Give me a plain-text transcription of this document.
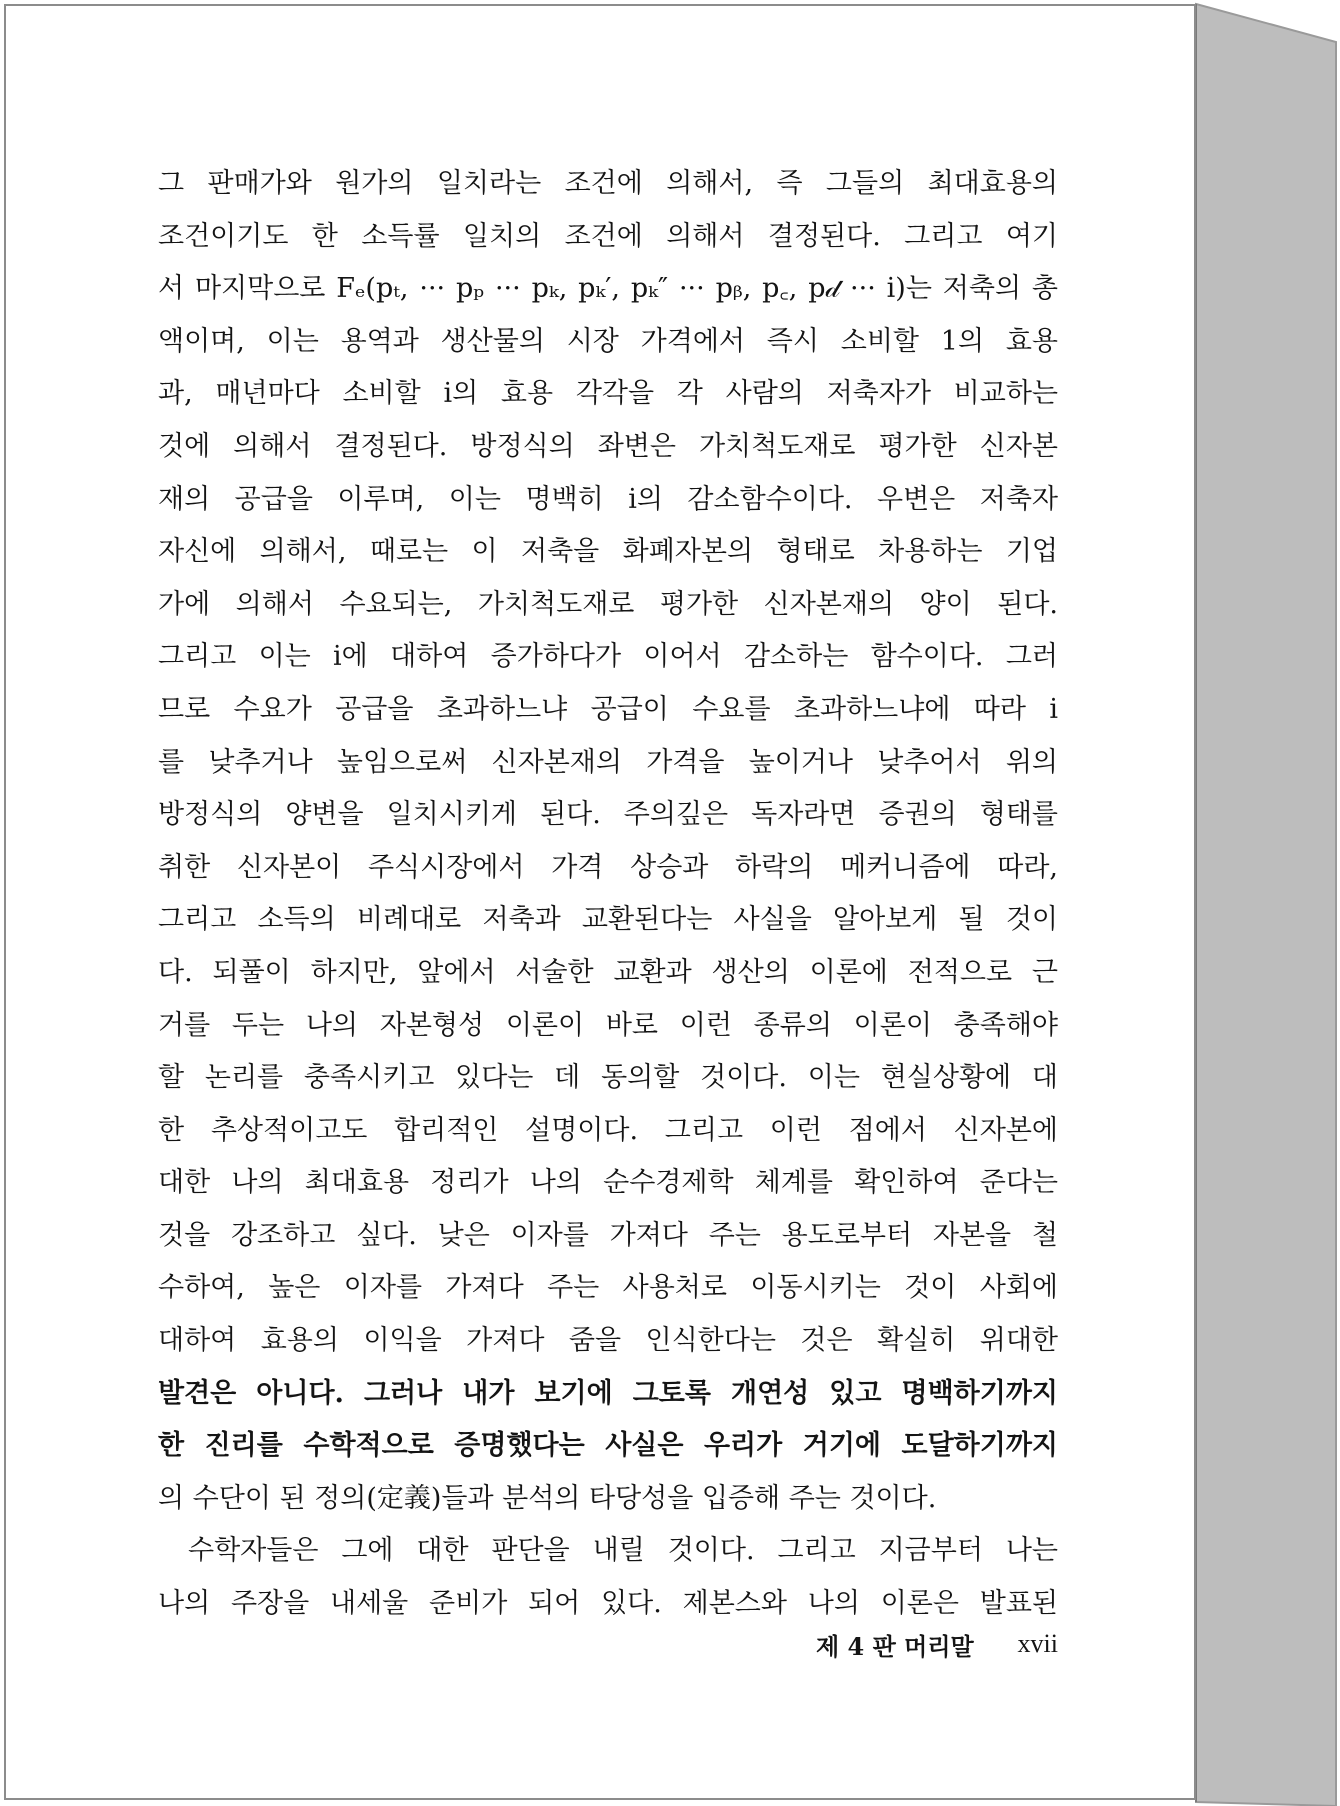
그 판매가와 원가의 일치라는 조건에 의해서, 즉 그들의 최대효용의
조건이기도 한 소득률 일치의 조건에 의해서 결정된다. 그리고 여기
서 마지막으로 Fₑ(pₜ, ··· pₚ ··· pₖ, pₖ′, pₖ″ ··· pᵦ, p꜀, p𝒹 ··· i)는 저축의 총
액이며, 이는 용역과 생산물의 시장 가격에서 즉시 소비할 1의 효용
과, 매년마다 소비할 i의 효용 각각을 각 사람의 저축자가 비교하는
것에 의해서 결정된다. 방정식의 좌변은 가치척도재로 평가한 신자본
재의 공급을 이루며, 이는 명백히 i의 감소함수이다. 우변은 저축자
자신에 의해서, 때로는 이 저축을 화폐자본의 형태로 차용하는 기업
가에 의해서 수요되는, 가치척도재로 평가한 신자본재의 양이 된다.
그리고 이는 i에 대하여 증가하다가 이어서 감소하는 함수이다. 그러
므로 수요가 공급을 초과하느냐 공급이 수요를 초과하느냐에 따라 i
를 낮추거나 높임으로써 신자본재의 가격을 높이거나 낮추어서 위의
방정식의 양변을 일치시키게 된다. 주의깊은 독자라면 증권의 형태를
취한 신자본이 주식시장에서 가격 상승과 하락의 메커니즘에 따라,
그리고 소득의 비례대로 저축과 교환된다는 사실을 알아보게 될 것이
다. 되풀이 하지만, 앞에서 서술한 교환과 생산의 이론에 전적으로 근
거를 두는 나의 자본형성 이론이 바로 이런 종류의 이론이 충족해야
할 논리를 충족시키고 있다는 데 동의할 것이다. 이는 현실상황에 대
한 추상적이고도 합리적인 설명이다. 그리고 이런 점에서 신자본에
대한 나의 최대효용 정리가 나의 순수경제학 체계를 확인하여 준다는
것을 강조하고 싶다. 낮은 이자를 가져다 주는 용도로부터 자본을 철
수하여, 높은 이자를 가져다 주는 사용처로 이동시키는 것이 사회에
대하여 효용의 이익을 가져다 줌을 인식한다는 것은 확실히 위대한
발견은 아니다. 그러나 내가 보기에 그토록 개연성 있고 명백하기까지
한 진리를 수학적으로 증명했다는 사실은 우리가 거기에 도달하기까지
의 수단이 된 정의(定義)들과 분석의 타당성을 입증해 주는 것이다.
수학자들은 그에 대한 판단을 내릴 것이다. 그리고 지금부터 나는
나의 주장을 내세울 준비가 되어 있다. 제본스와 나의 이론은 발표된
제 4 판 머리말 xvii
